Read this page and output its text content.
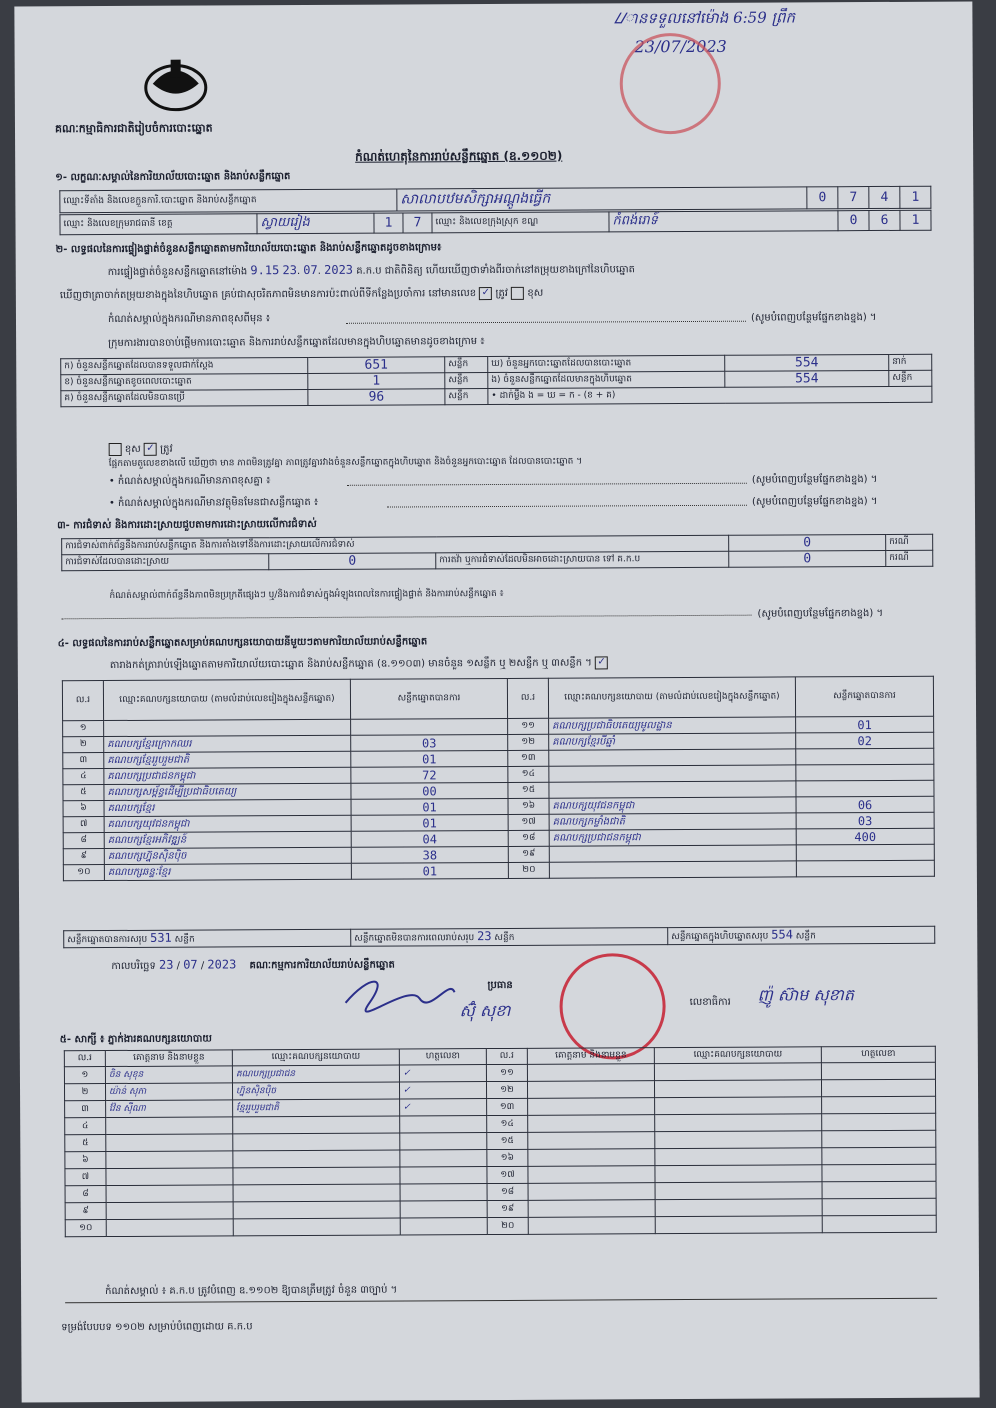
ᮗានទទួលនៅម៉ោង 6:59 ព្រឹក
23/07/2023
គណៈកម្មាធិការជាតិរៀបចំការបោះឆ្នោត
កំណត់ហេតុនៃការរាប់សន្លឹកឆ្នោត (ឧ.១១០២)
១- លក្ខណៈសម្គាល់នៃការិយាល័យបោះឆ្នោត និងរាប់សន្លឹកឆ្នោត
ឈ្មោះទីតាំង និងលេខក្លួនការិ.បោះឆ្នោត និងរាប់សន្លឹកឆ្នោត	សាលាបឋមសិក្សាអណ្តូងធ្វើក	0	7	4	1
ឈ្មោះ និងលេខក្រុមរាជធានី ខេត្ត	ស្វាយរៀង	1	7	ឈ្មោះ និងលេខក្រុងស្រុក ខណ្ឌ	កំពង់រោទ៍	0	6	1
២- លទ្ធផលនៃការផ្ទៀងផ្ទាត់ចំនួនសន្លឹកឆ្នោតតាមការិយាល័យបោះឆ្នោត និងរាប់សន្លឹកឆ្នោតដូចខាងក្រោម៖
ការផ្ទៀងផ្ទាត់ចំនួនសន្លឹកឆ្នោតនៅម៉ោង 9.15 23. 07. 2023 គ.ក.ប ជាតិពិនិត្យ ហើយឃើញថាទាំងពីរចាក់នៅតម្រុយខាងក្រៅនៃហិបឆ្នោត
ឃើញថាត្រាចាក់តម្រុយខាងក្នុងនៃហិបឆ្នោត គ្រប់ជាសុចរិតភាពមិនមានការប៉ះពាល់ពីទីកន្លែងប្រចាំការ នៅមានលេខ ✓ ត្រូវ ខុស
កំណត់សម្គាល់ក្នុងករណីមានភាពខុសពីមុន ៖	(សូមបំពេញបន្ថែមផ្នែកខាងខ្នង) ។
ក្រុមការងារបានចាប់ផ្តើមការបោះឆ្នោត និងការរាប់សន្លឹកឆ្នោតដែលមានក្នុងហិបឆ្នោតមានដូចខាងក្រោម ៖
ក) ចំនួនសន្លឹកឆ្នោតដែលបានទទួលជាក់ស្តែង	651	សន្លឹក	ឃ) ចំនួនអ្នកបោះឆ្នោតដែលបានបោះឆ្នោត	554	នាក់
ខ) ចំនួនសន្លឹកឆ្នោតខូចពេលបោះឆ្នោត	1	សន្លឹក	ង) ចំនួនសន្លឹកឆ្នោតដែលមានក្នុងហិបឆ្នោត	554	សន្លឹក
គ) ចំនួនសន្លឹកឆ្នោតដែលមិនបានប្រើ	96	សន្លឹក	• ដាក់ម្លឹង ង = ឃ = ក - (ខ + គ)		
ខុស ✓ ត្រូវ
ផ្អែកតាមតួលេខខាងលើ ឃើញថា មាន ភាពមិនត្រូវគ្នា ភាពត្រូវគ្នារវាងចំនួនសន្លឹកឆ្នោតក្នុងហិបឆ្នោត និងចំនួនអ្នកបោះឆ្នោត ដែលបានបោះឆ្នោត ។
• កំណត់សម្គាល់ក្នុងករណីមានភាពខុសគ្នា ៖	(សូមបំពេញបន្ថែមផ្នែកខាងខ្នង) ។
• កំណត់សម្គាល់ក្នុងករណីមានវត្ថុមិនមែនជាសន្លឹកឆ្នោត ៖	(សូមបំពេញបន្ថែមផ្នែកខាងខ្នង) ។
៣- ការជំទាស់ និងការដោះស្រាយជួបតាមការដោះស្រាយលើការជំទាស់
ការជំទាស់ពាក់ព័ន្ធនឹងការរាប់សន្លឹកឆ្នោត និងការតាំងទៅនឹងការដោះស្រាយលើការជំទាស់			0	ករណី
ការជំទាស់ដែលបានដោះស្រាយ	0	ការតវ៉ា ឬការជំទាស់ដែលមិនអាចដោះស្រាយបាន ទៅ គ.ក.ប	0	ករណី
កំណត់សម្គាល់ពាក់ព័ន្ធនឹងភាពមិនប្រក្រតីផ្សេងៗ ឬ/និងការជំទាស់ក្នុងអំឡុងពេលនៃការផ្ទៀងផ្ទាត់ និងការរាប់សន្លឹកឆ្នោត ៖
(សូមបំពេញបន្ថែមផ្នែកខាងខ្នង) ។
៤- លទ្ធផលនៃការរាប់សន្លឹកឆ្នោតសម្រាប់គណបក្សនយោបាយនីមួយៗតាមការិយាល័យរាប់សន្លឹកឆ្នោត
តារាងកត់ត្រារាប់ឡើងឆ្នោតតាមការិយាល័យបោះឆ្នោត និងរាប់សន្លឹកឆ្នោត (ឧ.១១០៣) មានចំនួន ១សន្លឹក ឬ ២សន្លឹក ឬ ៣សន្លឹក ។ ✓
ល.រ	ឈ្មោះគណបក្សនយោបាយ (តាមលំដាប់លេខរៀងក្នុងសន្លឹកឆ្នោត)	សន្លឹកឆ្នោតបានការ	ល.រ	ឈ្មោះគណបក្សនយោបាយ (តាមលំដាប់លេខរៀងក្នុងសន្លឹកឆ្នោត)	សន្លឹកឆ្នោតបានការ
១			១១	គណបក្សប្រជាធិបតេយ្យមូលដ្ឋាន	01
២	គណបក្សខ្មែរក្រោកឈរ	03	១២	គណបក្សខ្មែរបីឆ្នាំ	02
៣	គណបក្សខ្មែររួបរួមជាតិ	01	១៣		
៤	គណបក្សប្រជាជនកម្ពុជា	72	១៤		
៥	គណបក្សសម្ព័ន្ធដើម្បីប្រជាធិបតេយ្យ	00	១៥		
៦	គណបក្សខ្មែរ	01	១៦	គណបក្សយុវជនកម្ពុជា	06
៧	គណបក្សយុវជនកម្ពុជា	01	១៧	គណបក្សកម្លាំងជាតិ	03
៨	គណបក្សខ្មែរអភិវឌ្ឍន៍	04	១៨	គណបក្សប្រជាជនកម្ពុជា	400
៩	គណបក្សហ្វ៊ុនស៊ិនប៉ិច	38	១៩		
១០	គណបក្សឆន្ទៈខ្មែរ	01	២០		
សន្លឹកឆ្នោតបានការសរុប 531 សន្លឹក	សន្លឹកឆ្នោតមិនបានការពេលរាប់សរុប 23 សន្លឹក	សន្លឹកឆ្នោតក្នុងហិបឆ្នោតសរុប 554 សន្លឹក
កាលបរិច្ឆេទ 23 / 07 / 2023 គណៈកម្មការការិយាល័យរាប់សន្លឹកឆ្នោត
ប្រធាន
ស៊ុំ សុខា	លេខាធិការ ញ៉ូ ស៊ាម សុខាត
៥- សាក្សី ៖ ភ្នាក់ងារគណបក្សនយោបាយ
ល.រ	គោត្តនាម និងនាមខ្លួន	ឈ្មោះគណបក្សនយោបាយ	ហត្ថលេខា	ល.រ	គោត្តនាម និងនាមខ្លួន	ឈ្មោះគណបក្សនយោបាយ	ហត្ថលេខា
១	ចិន សុខុន	គណបក្សប្រជាជន	✓	១១			
២	យ៉ាន់ សុភា	ហ្វ៊ុនស៊ិនប៉ិច	✓	១២			
៣	វ៉ែន ស៊ីណា	ខ្មែររួបរួមជាតិ	✓	១៣			
៤				១៤			
៥				១៥			
៦				១៦			
៧				១៧			
៨				១៨			
៩				១៩			
១០				២០			
កំណត់សម្គាល់ ៖ គ.ក.ប ត្រូវបំពេញ ឧ.១១០២ ឱ្យបានត្រឹមត្រូវ ចំនួន ៣ច្បាប់ ។
ទម្រង់បែបបទ ១១០២ សម្រាប់បំពេញដោយ គ.ក.ប
